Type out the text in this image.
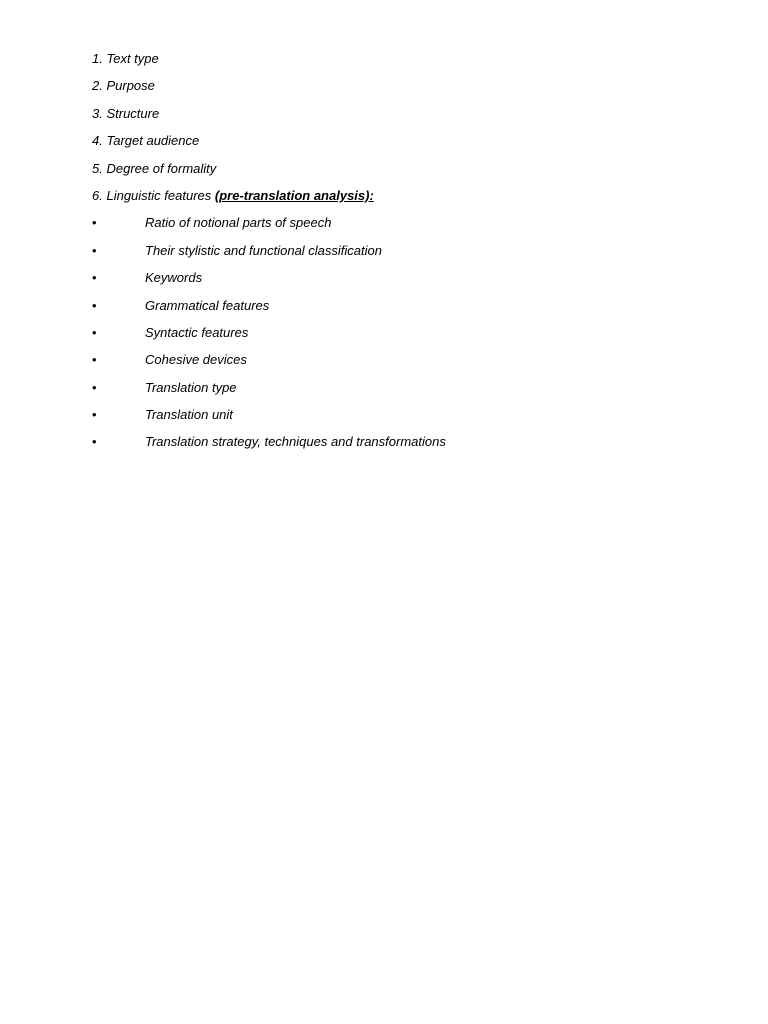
1. Text type
2. Purpose
3. Structure
4. Target audience
5. Degree of formality
6. Linguistic features (pre-translation analysis):
•	Ratio of notional parts of speech
•	Their stylistic and functional classification
•	Keywords
•	Grammatical features
•	Syntactic features
•	Cohesive devices
•	Translation type
•	Translation unit
•	Translation strategy, techniques and transformations
